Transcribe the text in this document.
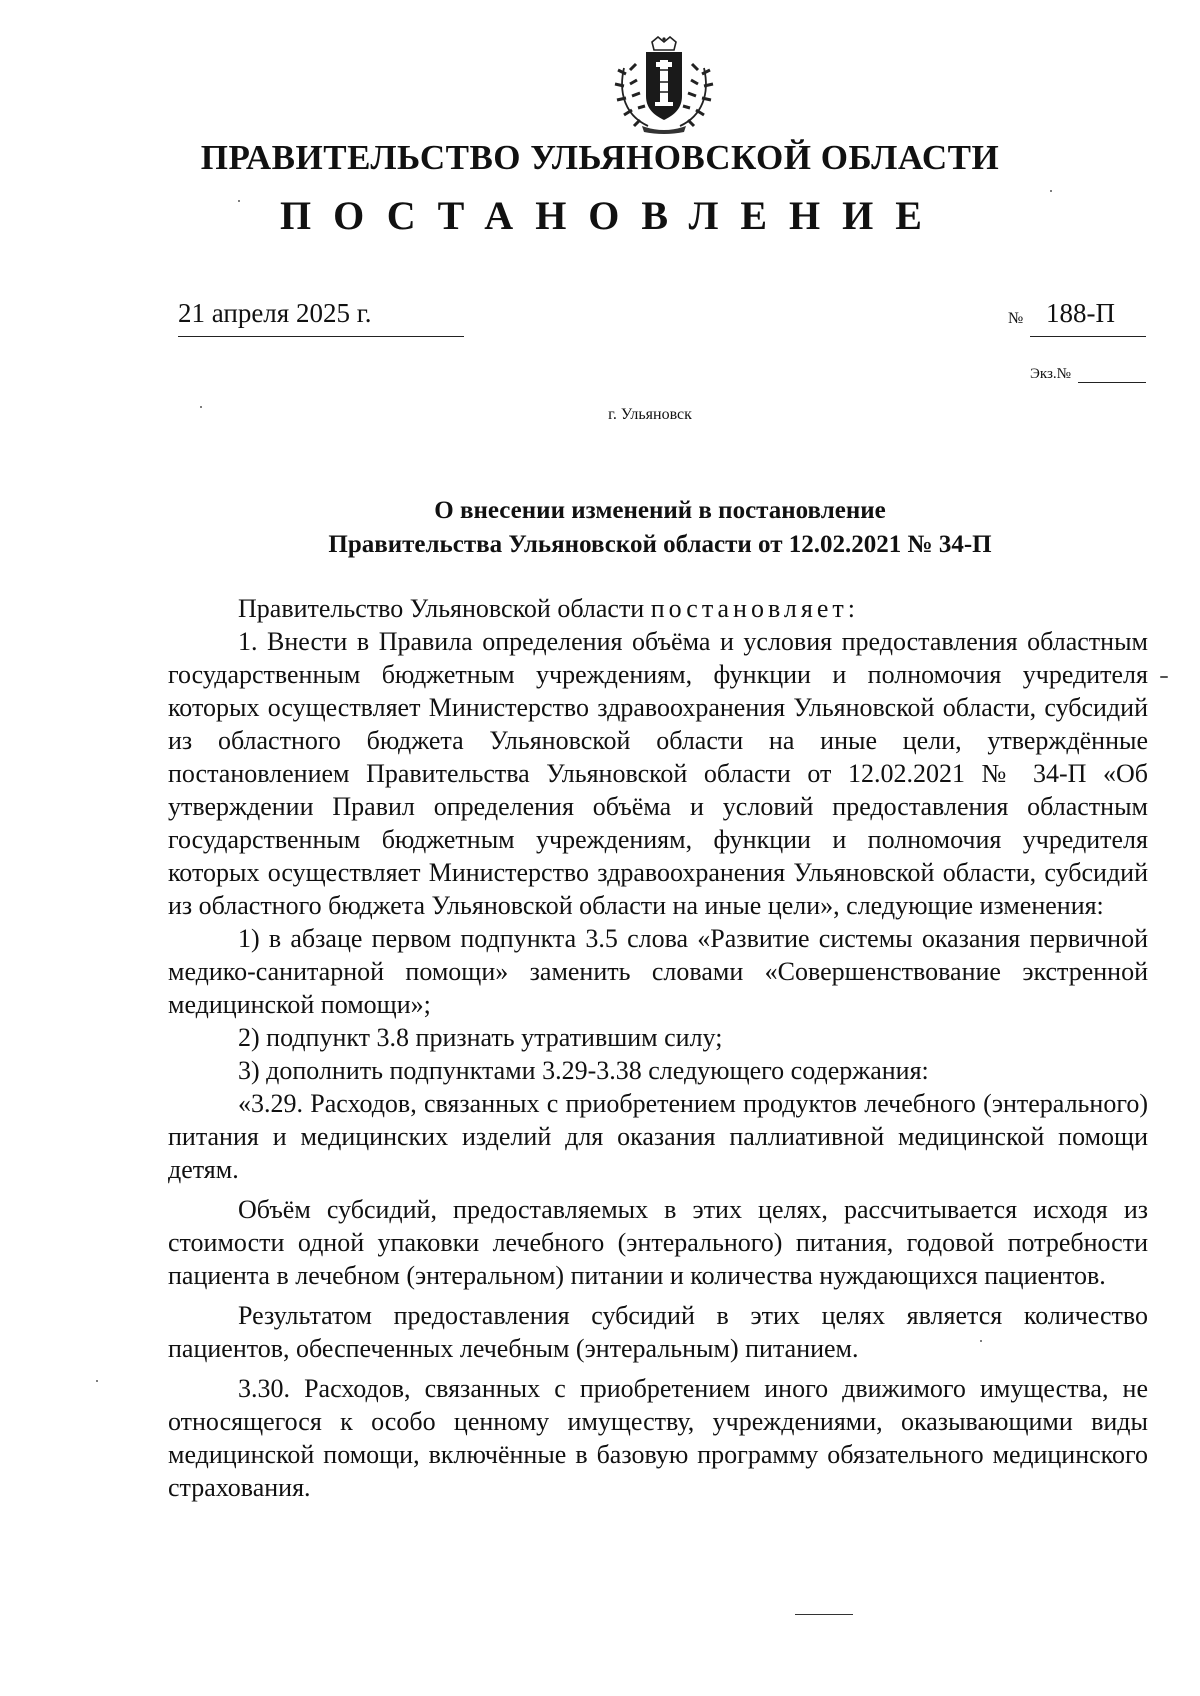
ПРАВИТЕЛЬСТВО УЛЬЯНОВСКОЙ ОБЛАСТИ
ПОСТАНОВЛЕНИЕ
21 апреля 2025 г.	№ 188-П
Экз.№
г. Ульяновск
О внесении изменений в постановление
Правительства Ульяновской области от 12.02.2021 № 34-П

Правительство Ульяновской области постановляет:

1. Внести в Правила определения объёма и условия предоставления областным государственным бюджетным учреждениям, функции и полномочия учредителя которых осуществляет Министерство здравоохранения Ульяновской области, субсидий из областного бюджета Ульяновской области на иные цели, утверждённые постановлением Правительства Ульяновской области от 12.02.2021 № 34-П «Об утверждении Правил определения объёма и условий предоставления областным государственным бюджетным учреждениям, функции и полномочия учредителя которых осуществляет Министерство здравоохранения Ульяновской области, субсидий из областного бюджета Ульяновской области на иные цели», следующие изменения:

1) в абзаце первом подпункта 3.5 слова «Развитие системы оказания первичной медико-санитарной помощи» заменить словами «Совершенствование экстренной медицинской помощи»;

2) подпункт 3.8 признать утратившим силу;

3) дополнить подпунктами 3.29-3.38 следующего содержания:

«3.29. Расходов, связанных с приобретением продуктов лечебного (энтерального) питания и медицинских изделий для оказания паллиативной медицинской помощи детям.

Объём субсидий, предоставляемых в этих целях, рассчитывается исходя из стоимости одной упаковки лечебного (энтерального) питания, годовой потребности пациента в лечебном (энтеральном) питании и количества нуждающихся пациентов.

Результатом предоставления субсидий в этих целях является количество пациентов, обеспеченных лечебным (энтеральным) питанием.

3.30. Расходов, связанных с приобретением иного движимого имущества, не относящегося к особо ценному имуществу, учреждениями, оказывающими виды медицинской помощи, включённые в базовую программу обязательного медицинского страхования.
